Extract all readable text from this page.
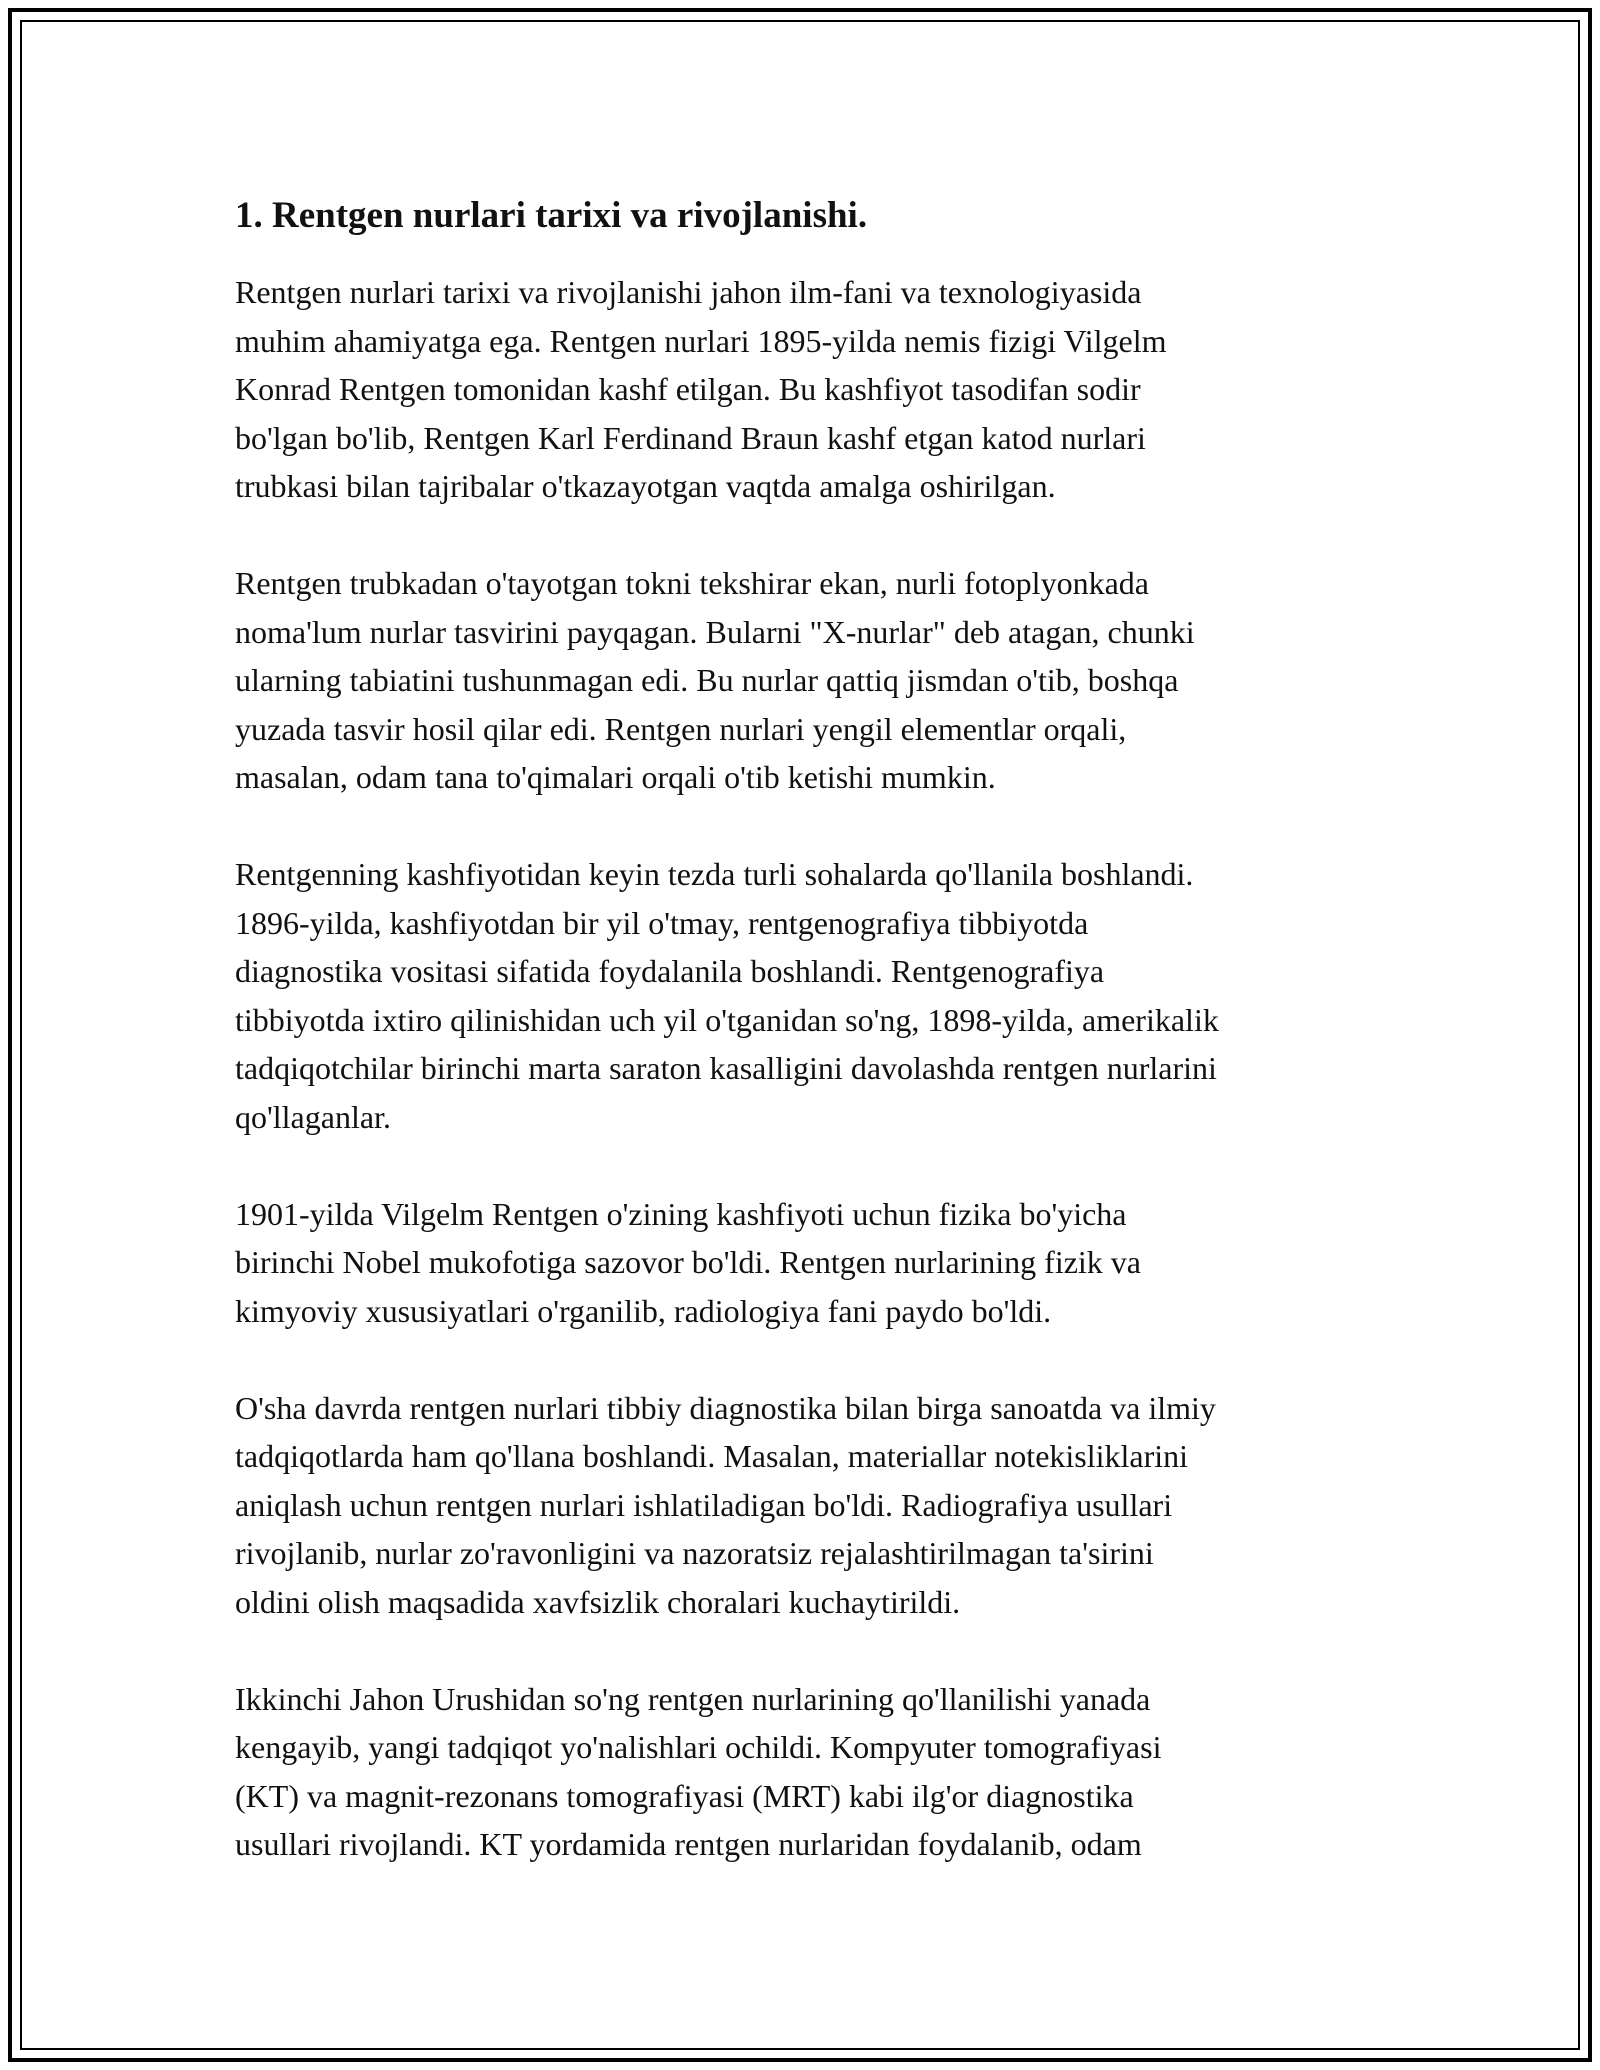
1. Rentgen nurlari tarixi va rivojlanishi.

Rentgen nurlari tarixi va rivojlanishi jahon ilm-fani va texnologiyasida
muhim ahamiyatga ega. Rentgen nurlari 1895-yilda nemis fizigi Vilgelm
Konrad Rentgen tomonidan kashf etilgan. Bu kashfiyot tasodifan sodir
bo'lgan bo'lib, Rentgen Karl Ferdinand Braun kashf etgan katod nurlari
trubkasi bilan tajribalar o'tkazayotgan vaqtda amalga oshirilgan.

Rentgen trubkadan o'tayotgan tokni tekshirar ekan, nurli fotoplyonkada
noma'lum nurlar tasvirini payqagan. Bularni "X-nurlar" deb atagan, chunki
ularning tabiatini tushunmagan edi. Bu nurlar qattiq jismdan o'tib, boshqa
yuzada tasvir hosil qilar edi. Rentgen nurlari yengil elementlar orqali,
masalan, odam tana to'qimalari orqali o'tib ketishi mumkin.

Rentgenning kashfiyotidan keyin tezda turli sohalarda qo'llanila boshlandi.
1896-yilda, kashfiyotdan bir yil o'tmay, rentgenografiya tibbiyotda
diagnostika vositasi sifatida foydalanila boshlandi. Rentgenografiya
tibbiyotda ixtiro qilinishidan uch yil o'tganidan so'ng, 1898-yilda, amerikalik
tadqiqotchilar birinchi marta saraton kasalligini davolashda rentgen nurlarini
qo'llaganlar.

1901-yilda Vilgelm Rentgen o'zining kashfiyoti uchun fizika bo'yicha
birinchi Nobel mukofotiga sazovor bo'ldi. Rentgen nurlarining fizik va
kimyoviy xususiyatlari o'rganilib, radiologiya fani paydo bo'ldi.

O'sha davrda rentgen nurlari tibbiy diagnostika bilan birga sanoatda va ilmiy
tadqiqotlarda ham qo'llana boshlandi. Masalan, materiallar notekisliklarini
aniqlash uchun rentgen nurlari ishlatiladigan bo'ldi. Radiografiya usullari
rivojlanib, nurlar zo'ravonligini va nazoratsiz rejalashtirilmagan ta'sirini
oldini olish maqsadida xavfsizlik choralari kuchaytirildi.

Ikkinchi Jahon Urushidan so'ng rentgen nurlarining qo'llanilishi yanada
kengayib, yangi tadqiqot yo'nalishlari ochildi. Kompyuter tomografiyasi
(KT) va magnit-rezonans tomografiyasi (MRT) kabi ilg'or diagnostika
usullari rivojlandi. KT yordamida rentgen nurlaridan foydalanib, odam
